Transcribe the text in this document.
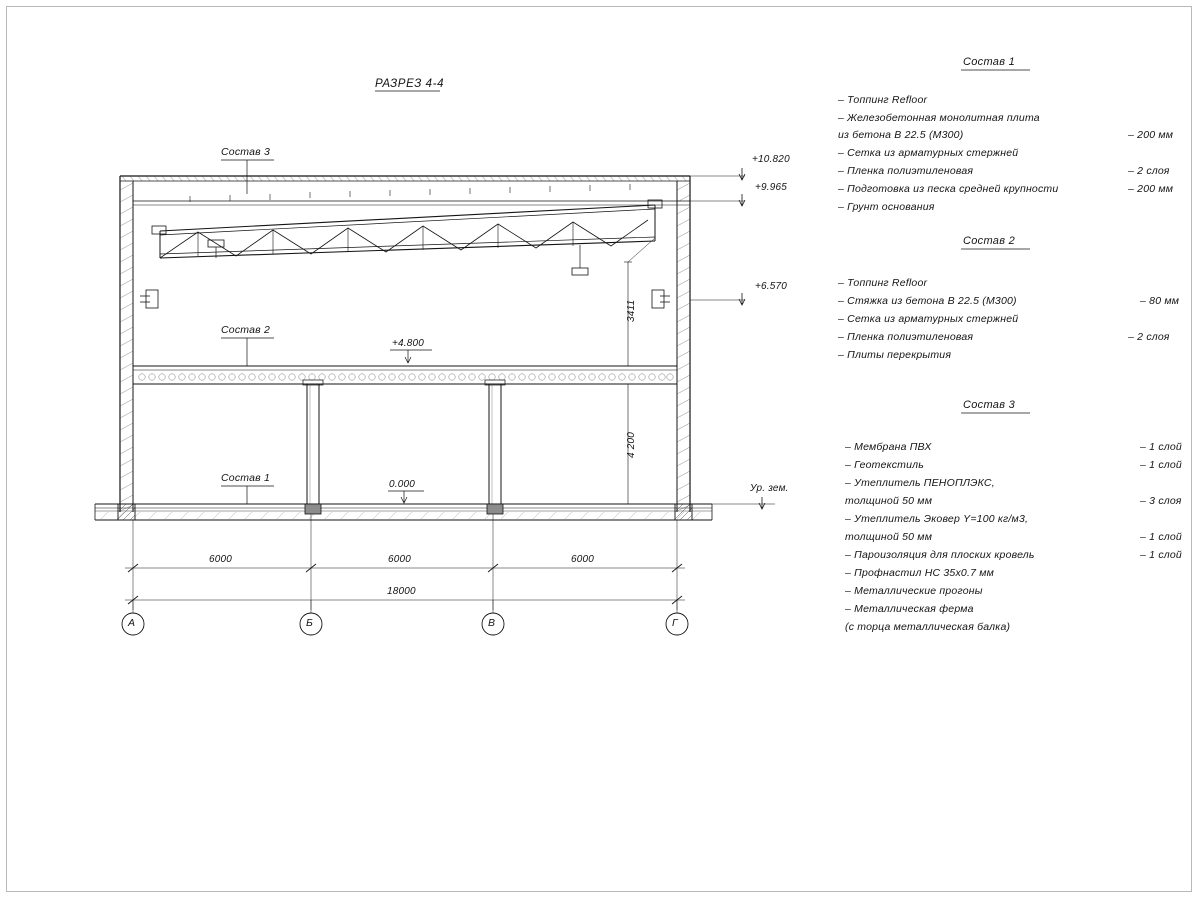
РАЗРЕЗ 4-4
Состав 3
Состав 2
Состав 1
+4.800
0.000
+10.820
+9.965
+6.570
Ур. зем.
3411
4 200
6000	6000	6000
18000
А	Б	В	Г
Состав 1
– Топпинг Refloor
– Железобетонная монолитная плита
из бетона В 22.5 (М300)	– 200 мм
– Сетка из арматурных стержней
– Пленка полиэтиленовая	– 2 слоя
– Подготовка из песка средней крупности	– 200 мм
– Грунт основания
Состав 2
– Топпинг Refloor
– Стяжка из бетона В 22.5 (М300)	– 80 мм
– Сетка из арматурных стержней
– Пленка полиэтиленовая	– 2 слоя
– Плиты перекрытия
Состав 3
– Мембрана ПВХ	– 1 слой
– Геотекстиль	– 1 слой
– Утеплитель ПЕНОПЛЭКС,
толщиной 50 мм	– 3 слоя
– Утеплитель Эковер Y=100 кг/м3,
толщиной 50 мм	– 1 слой
– Пароизоляция для плоских кровель	– 1 слой
– Профнастил НС 35х0.7 мм
– Металлические прогоны
– Металлическая ферма
(с торца металлическая балка)
